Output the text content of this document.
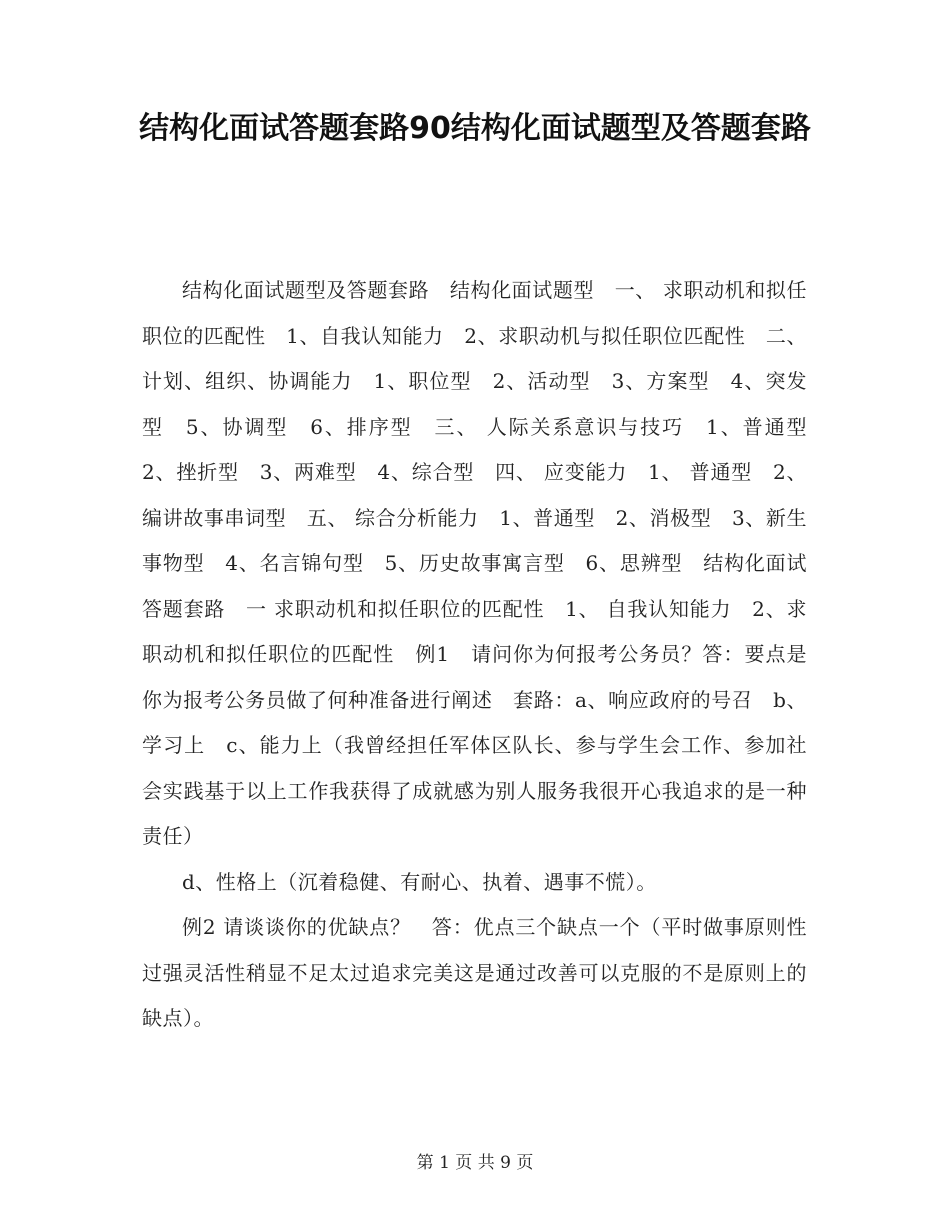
结构化面试答题套路90结构化面试题型及答题套路

结构化面试题型及答题套路　结构化面试题型　一、 求职动机和拟任职位的匹配性　1、自我认知能力　2、求职动机与拟任职位匹配性　二、 计划、组织、协调能力　1、职位型　2、活动型　3、方案型　4、突发型　5、协调型　6、排序型　三、 人际关系意识与技巧　1、普通型　2、挫折型　3、两难型　4、综合型　四、 应变能力　1、 普通型　2、 编讲故事串词型　五、 综合分析能力　1、普通型　2、消极型　3、新生事物型　4、名言锦句型　5、历史故事寓言型　6、思辨型　结构化面试答题套路　一 求职动机和拟任职位的匹配性　1、 自我认知能力　2、求职动机和拟任职位的匹配性　例1　请问你为何报考公务员？答：要点是你为报考公务员做了何种准备进行阐述　套路：a、响应政府的号召　b、学习上　c、能力上（我曾经担任军体区队长、参与学生会工作、参加社会实践基于以上工作我获得了成就感为别人服务我很开心我追求的是一种责任）

d、性格上（沉着稳健、有耐心、执着、遇事不慌）。

例2 请谈谈你的优缺点？　答：优点三个缺点一个（平时做事原则性过强灵活性稍显不足太过追求完美这是通过改善可以克服的不是原则上的缺点）。

第 1 页 共 9 页
